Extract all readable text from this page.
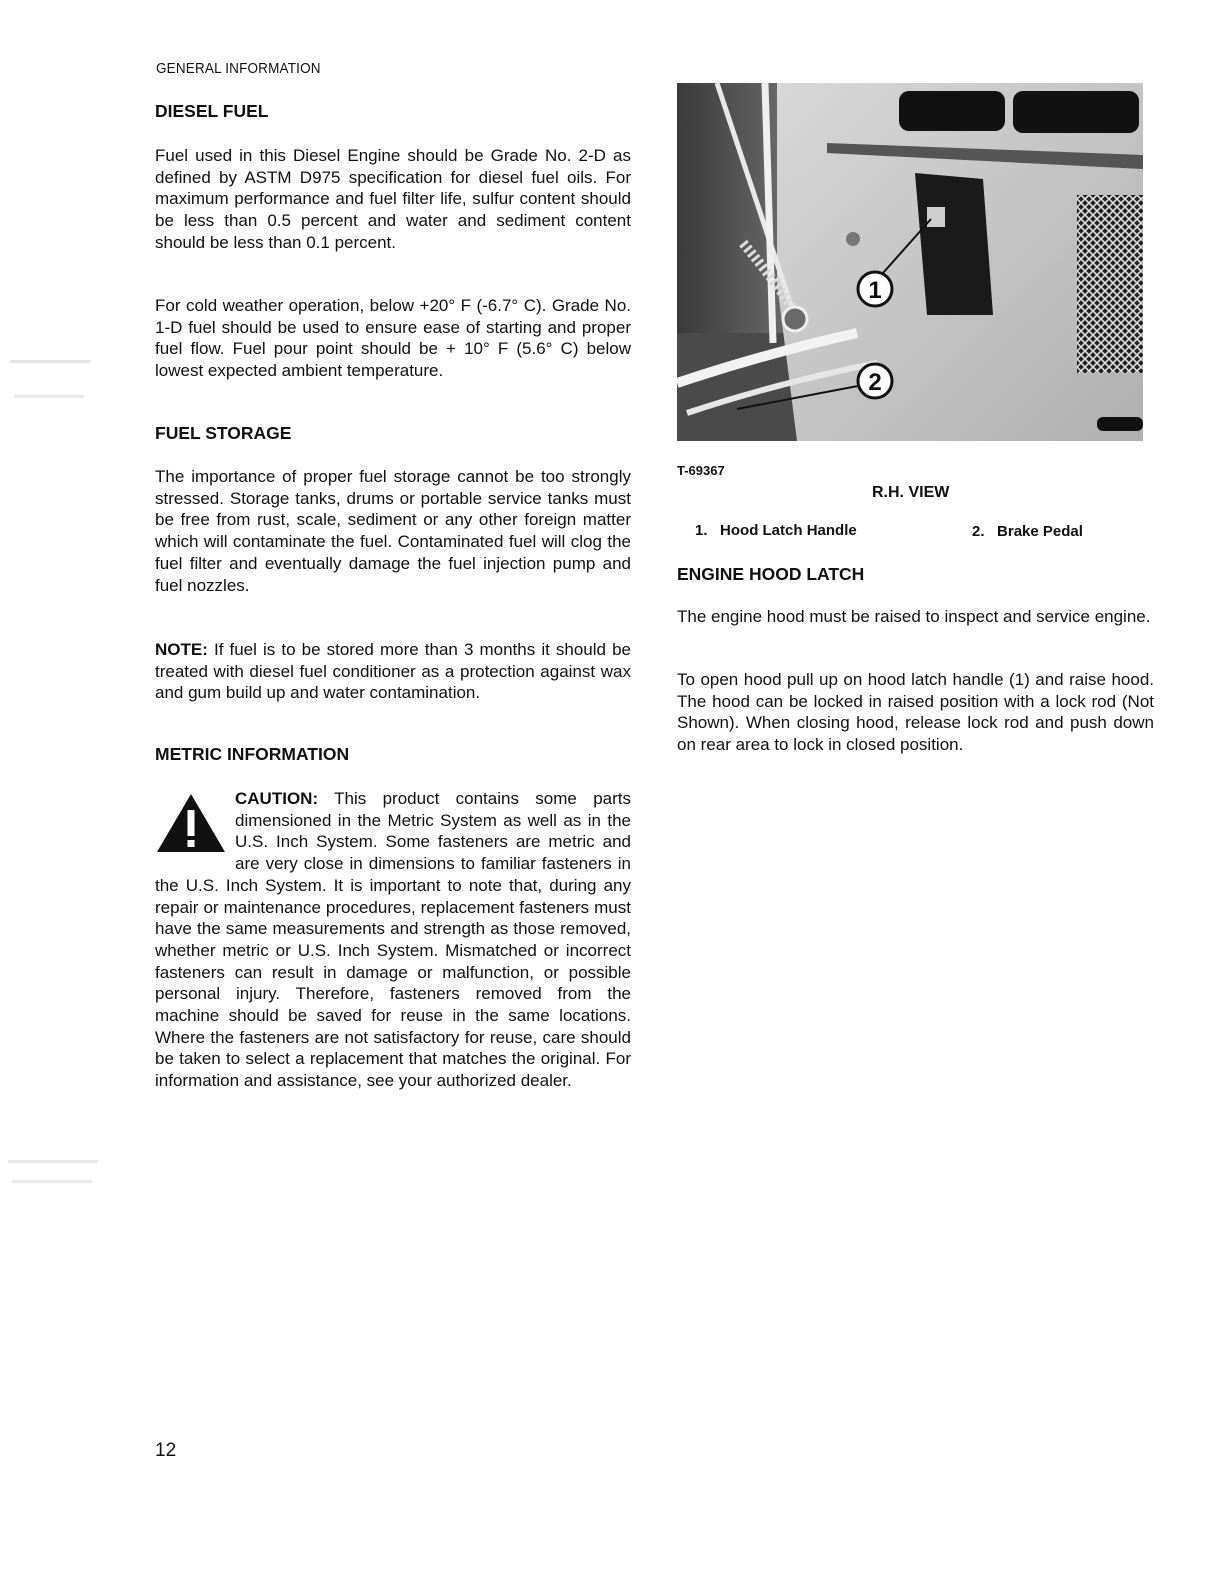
GENERAL INFORMATION
DIESEL FUEL

Fuel used in this Diesel Engine should be Grade No. 2-D as defined by ASTM D975 specification for diesel fuel oils. For maximum performance and fuel filter life, sulfur content should be less than 0.5 percent and water and sediment content should be less than 0.1 percent.

For cold weather operation, below +20° F (-6.7° C). Grade No. 1-D fuel should be used to ensure ease of starting and proper fuel flow. Fuel pour point should be + 10° F (5.6° C) below lowest expected ambient temperature.

FUEL STORAGE

The importance of proper fuel storage cannot be too strongly stressed. Storage tanks, drums or portable service tanks must be free from rust, scale, sediment or any other foreign matter which will contaminate the fuel. Contaminated fuel will clog the fuel filter and eventually damage the fuel injection pump and fuel nozzles.

NOTE: If fuel is to be stored more than 3 months it should be treated with diesel fuel conditioner as a protection against wax and gum build up and water contamination.

METRIC INFORMATION
CAUTION: This product contains some parts dimensioned in the Metric System as well as in the U.S. Inch System. Some fasteners are metric and are very close in dimensions to familiar fasteners in the U.S. Inch System. It is important to note that, during any repair or maintenance procedures, replacement fasteners must have the same measurements and strength as those removed, whether metric or U.S. Inch System. Mismatched or incorrect fasteners can result in damage or malfunction, or possible personal injury. Therefore, fasteners removed from the machine should be saved for reuse in the same locations. Where the fasteners are not satisfactory for reuse, care should be taken to select a replacement that matches the original. For information and assistance, see your authorized dealer.
1
2
T-69367
R.H. VIEW
1. Hood Latch Handle	2. Brake Pedal
ENGINE HOOD LATCH

The engine hood must be raised to inspect and service engine.

To open hood pull up on hood latch handle (1) and raise hood. The hood can be locked in raised position with a lock rod (Not Shown). When closing hood, release lock rod and push down on rear area to lock in closed position.

12
